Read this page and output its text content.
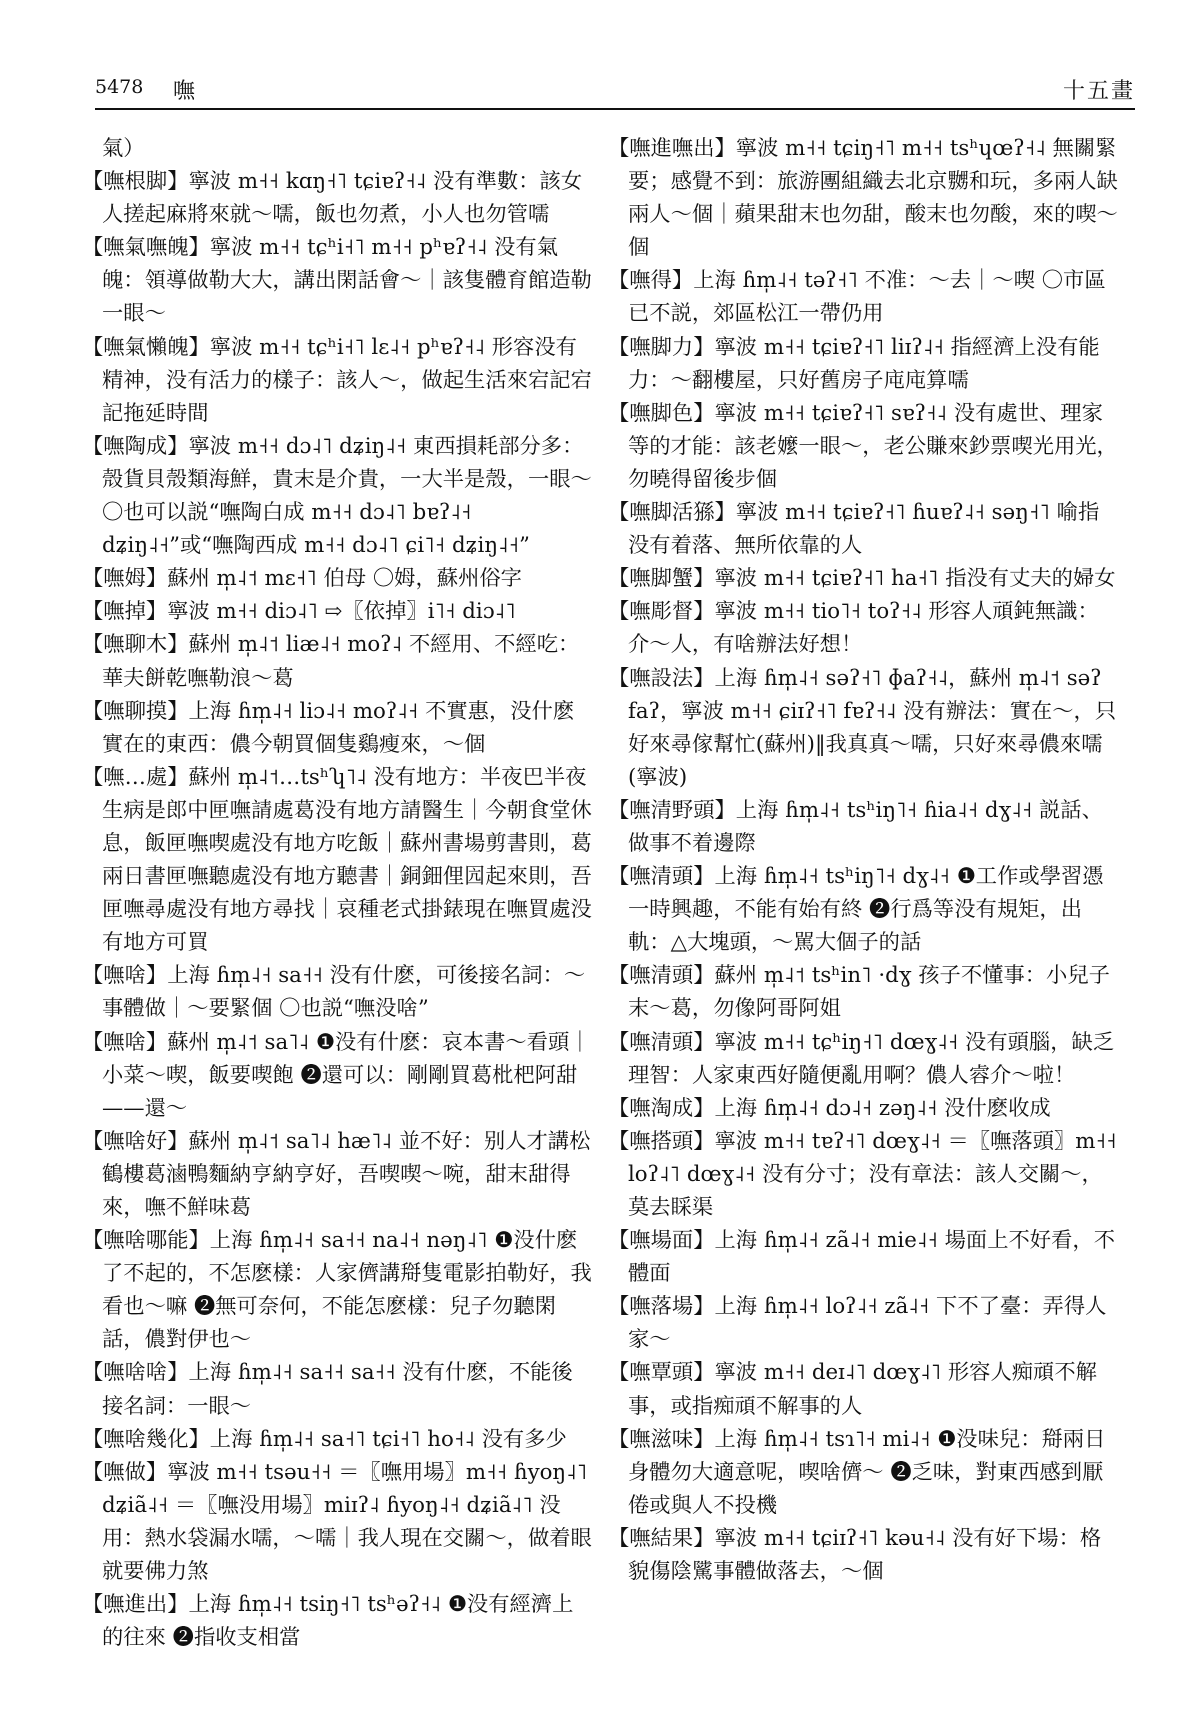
5478 嘸	十五畫

氣）

【嘸根脚】寧波 m˧˧ kɑŋ˧˥ tɕiɐʔ˧˨ 没有準數：該女人搓起麻將來就～嚅，飯也勿煮，小人也勿管嚅

【嘸氣嘸魄】寧波 m˧˧ tɕʰi˧˥ m˧˧ pʰɐʔ˧˨ 没有氣魄：領導做勒大大，講出閑話會～｜該隻體育館造勒一眼～

【嘸氣懶魄】寧波 m˧˧ tɕʰi˧˥ lɛ˨˧ pʰɐʔ˧˨ 形容没有精神，没有活力的樣子：該人～，做起生活來宕記宕記拖延時間

【嘸陶成】寧波 m˧˧ dɔ˨˥ dʑiŋ˨˧ 東西損耗部分多：殼貨貝殼類海鮮，貴末是介貴，一大半是殼，一眼～ 〇也可以説“嘸陶白成 m˧˧ dɔ˨˥ bɐʔ˨˧ dʑiŋ˨˧”或“嘸陶西成 m˧˧ dɔ˨˥ ɕi˥˧ dʑiŋ˨˧”

【嘸姆】蘇州 m̩˨˦ mɛ˧˥ 伯母 〇姆，蘇州俗字

【嘸掉】寧波 m˧˧ diɔ˨˥ ⇨〖依掉〗i˥˧ diɔ˨˥

【嘸聊木】蘇州 m̩˨˦ liæ˨˧ moʔ˨ 不經用、不經吃：華夫餅乾嘸勒浪～葛

【嘸聊摸】上海 ɦm̩˨˧ liɔ˨˧ moʔ˨˧ 不實惠，没什麽實在的東西：儂今朝買個隻鷄瘦來，～個

【嘸…處】蘇州 m̩˨˦…tsʰʮ˥˨ 没有地方：半夜巴半夜生病是郎中匣嘸請處葛没有地方請醫生｜今朝食堂休息，飯匣嘸喫處没有地方吃飯｜蘇州書場剪書則，葛兩日書匣嘸聽處没有地方聽書｜銅鈿俚囥起來則，吾匣嘸尋處没有地方尋找｜哀種老式掛錶現在嘸買處没有地方可買

【嘸啥】上海 ɦm̩˨˧ sa˧˧ 没有什麽，可後接名詞：～事體做｜～要緊個 〇也説“嘸没啥”

【嘸啥】蘇州 m̩˨˦ sa˥˨ ❶没有什麽：哀本書～看頭｜小菜～喫，飯要喫飽 ❷還可以：剛剛買葛枇杷阿甜——還～

【嘸啥好】蘇州 m̩˨˦ sa˥˨ hæ˥˨ 並不好：别人才講松鶴樓葛滷鴨麵納亨納亨好，吾喫喫～啘，甜末甜得來，嘸不鮮味葛

【嘸啥哪能】上海 ɦm̩˨˧ sa˧˧ na˨˧ nəŋ˨˥ ❶没什麽了不起的，不怎麽樣：人家儕講搿隻電影拍勒好，我看也～嘛 ❷無可奈何，不能怎麽樣：兒子勿聽閑話，儂對伊也～

【嘸啥啥】上海 ɦm̩˨˧ sa˧˧ sa˧˧ 没有什麽，不能後接名詞：一眼～

【嘸啥幾化】上海 ɦm̩˨˧ sa˧˥ tɕi˧˥ ho˧˨ 没有多少

【嘸做】寧波 m˧˧ tsəu˧˧ ＝〖嘸用場〗m˧˧ ɦyoŋ˨˥ dʑiã˨˧ ＝〖嘸没用場〗miɪʔ˨ ɦyoŋ˨˧ dʑiã˨˥ 没用：熱水袋漏水嚅，～嚅｜我人現在交關～，做着眼就要佛力煞

【嘸進出】上海 ɦm̩˨˧ tsiŋ˧˥ tsʰəʔ˧˨ ❶没有經濟上的往來 ❷指收支相當

【嘸進嘸出】寧波 m˧˧ tɕiŋ˧˥ m˧˧ tsʰɥœʔ˧˨ 無關緊要；感覺不到：旅游團組織去北京嬲和玩，多兩人缺兩人～個｜蘋果甜末也勿甜，酸末也勿酸，來的喫～個

【嘸得】上海 ɦm̩˨˧ təʔ˧˥ 不准：～去｜～喫 〇市區已不説，郊區松江一帶仍用

【嘸脚力】寧波 m˧˧ tɕiɐʔ˧˥ liɪʔ˨˧ 指經濟上没有能力：～翻樓屋，只好舊房子庉庉算嚅

【嘸脚色】寧波 m˧˧ tɕiɐʔ˧˥ sɐʔ˧˨ 没有處世、理家等的才能：該老嬤一眼～，老公賺來鈔票喫光用光，勿曉得留後步個

【嘸脚活猻】寧波 m˧˧ tɕiɐʔ˧˥ ɦuɐʔ˨˧ səŋ˧˥ 喻指没有着落、無所依靠的人

【嘸脚蟹】寧波 m˧˧ tɕiɐʔ˧˥ ha˧˥ 指没有丈夫的婦女

【嘸彫督】寧波 m˧˧ tio˥˧ toʔ˧˨ 形容人頑鈍無識：介～人，有啥辦法好想！

【嘸設法】上海 ɦm̩˨˧ səʔ˧˥ ɸaʔ˧˨，蘇州 m̩˨˦ səʔ faʔ，寧波 m˧˧ ɕiɪʔ˧˥ fɐʔ˧˨ 没有辦法：實在～，只好來尋傢幫忙(蘇州)‖我真真～嚅，只好來尋儂來嚅(寧波)

【嘸清野頭】上海 ɦm̩˨˧ tsʰiŋ˥˧ ɦia˨˧ dɣ˨˧ 説話、做事不着邊際

【嘸清頭】上海 ɦm̩˨˧ tsʰiŋ˥˧ dɣ˨˧ ❶工作或學習憑一時興趣，不能有始有終 ❷行爲等没有規矩，出軌：△大塊頭，～駡大個子的話

【嘸清頭】蘇州 m̩˨˦ tsʰin˥ ·dɣ 孩子不懂事：小兒子末～葛，勿像阿哥阿姐

【嘸清頭】寧波 m˧˧ tɕʰiŋ˧˥ dœɣ˨˧ 没有頭腦，缺乏理智：人家東西好隨便亂用啊？儂人䜭介～啦！

【嘸淘成】上海 ɦm̩˨˧ dɔ˨˧ zəŋ˨˧ 没什麽收成

【嘸搭頭】寧波 m˧˧ tɐʔ˧˥ dœɣ˨˧ ＝〖嘸落頭〗m˧˧ loʔ˨˥ dœɣ˨˧ 没有分寸；没有章法：該人交關～，莫去睬渠

【嘸場面】上海 ɦm̩˨˧ zã˨˧ mie˨˧ 場面上不好看，不體面

【嘸落場】上海 ɦm̩˨˧ loʔ˨˧ zã˨˧ 下不了臺：弄得人家～

【嘸覃頭】寧波 m˧˧ deɪ˨˥ dœɣ˨˥ 形容人痴頑不解事，或指痴頑不解事的人

【嘸滋味】上海 ɦm̩˨˧ tsɿ˥˧ mi˨˧ ❶没味兒：搿兩日身體勿大適意呢，喫啥儕～ ❷乏味，對東西感到厭倦或與人不投機

【嘸結果】寧波 m˧˧ tɕiɪʔ˧˥ kəu˧˨ 没有好下場：格貌傷陰騭事體做落去，～個
